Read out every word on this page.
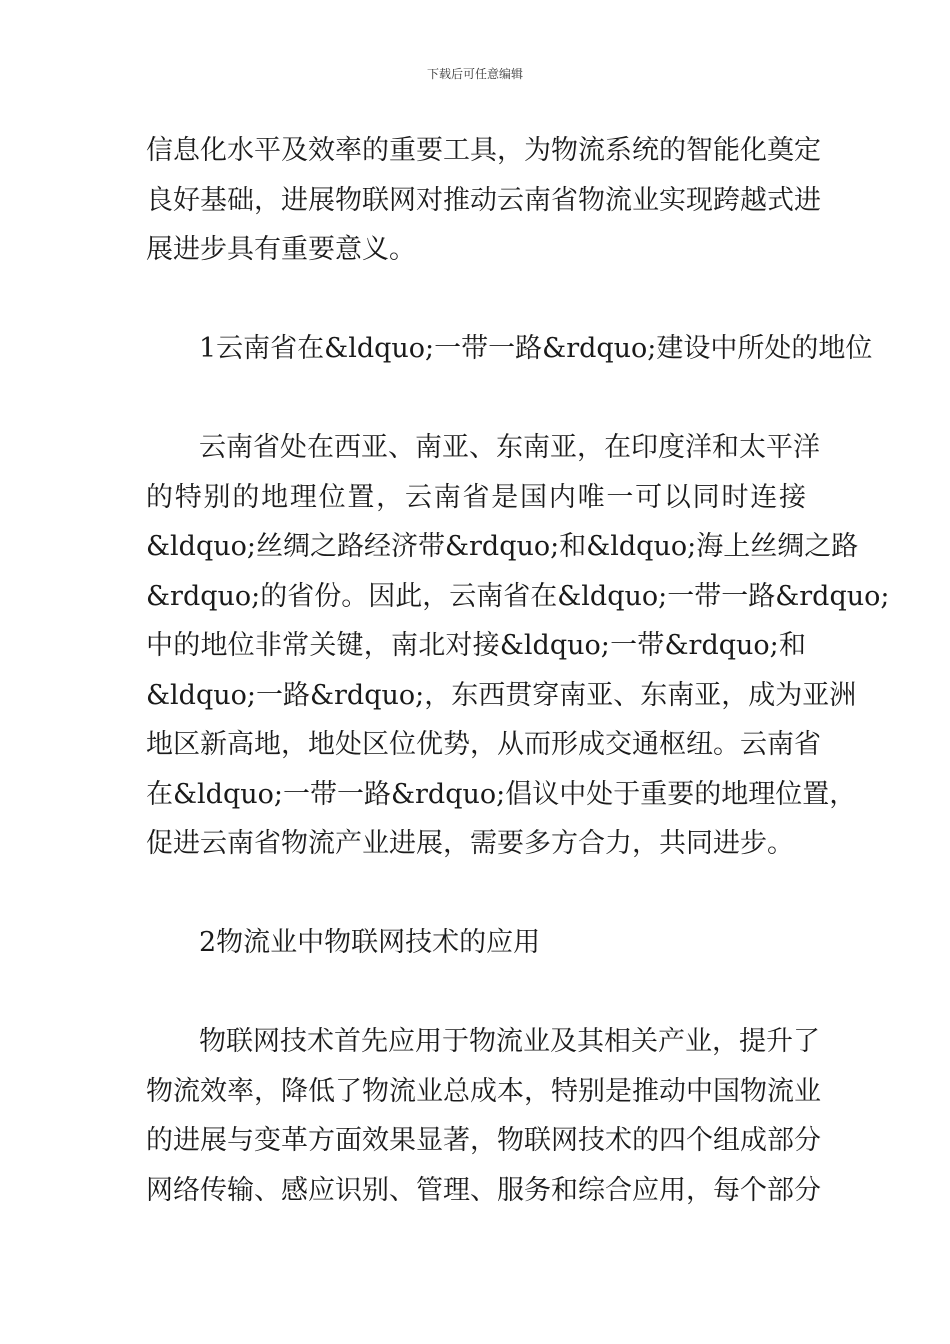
下载后可任意编辑
信息化水平及效率的重要工具，为物流系统的智能化奠定
良好基础，进展物联网对推动云南省物流业实现跨越式进
展进步具有重要意义。
1云南省在&ldquo;一带一路&rdquo;建设中所处的地位
云南省处在西亚、南亚、东南亚，在印度洋和太平洋
的特别的地理位置，云南省是国内唯一可以同时连接
&ldquo;丝绸之路经济带&rdquo;和&ldquo;海上丝绸之路
&rdquo;的省份。因此，云南省在&ldquo;一带一路&rdquo;
中的地位非常关键，南北对接&ldquo;一带&rdquo;和
&ldquo;一路&rdquo;，东西贯穿南亚、东南亚，成为亚洲
地区新高地，地处区位优势，从而形成交通枢纽。云南省
在&ldquo;一带一路&rdquo;倡议中处于重要的地理位置，
促进云南省物流产业进展，需要多方合力，共同进步。
2物流业中物联网技术的应用
物联网技术首先应用于物流业及其相关产业，提升了
物流效率，降低了物流业总成本，特别是推动中国物流业
的进展与变革方面效果显著，物联网技术的四个组成部分
网络传输、感应识别、管理、服务和综合应用，每个部分
